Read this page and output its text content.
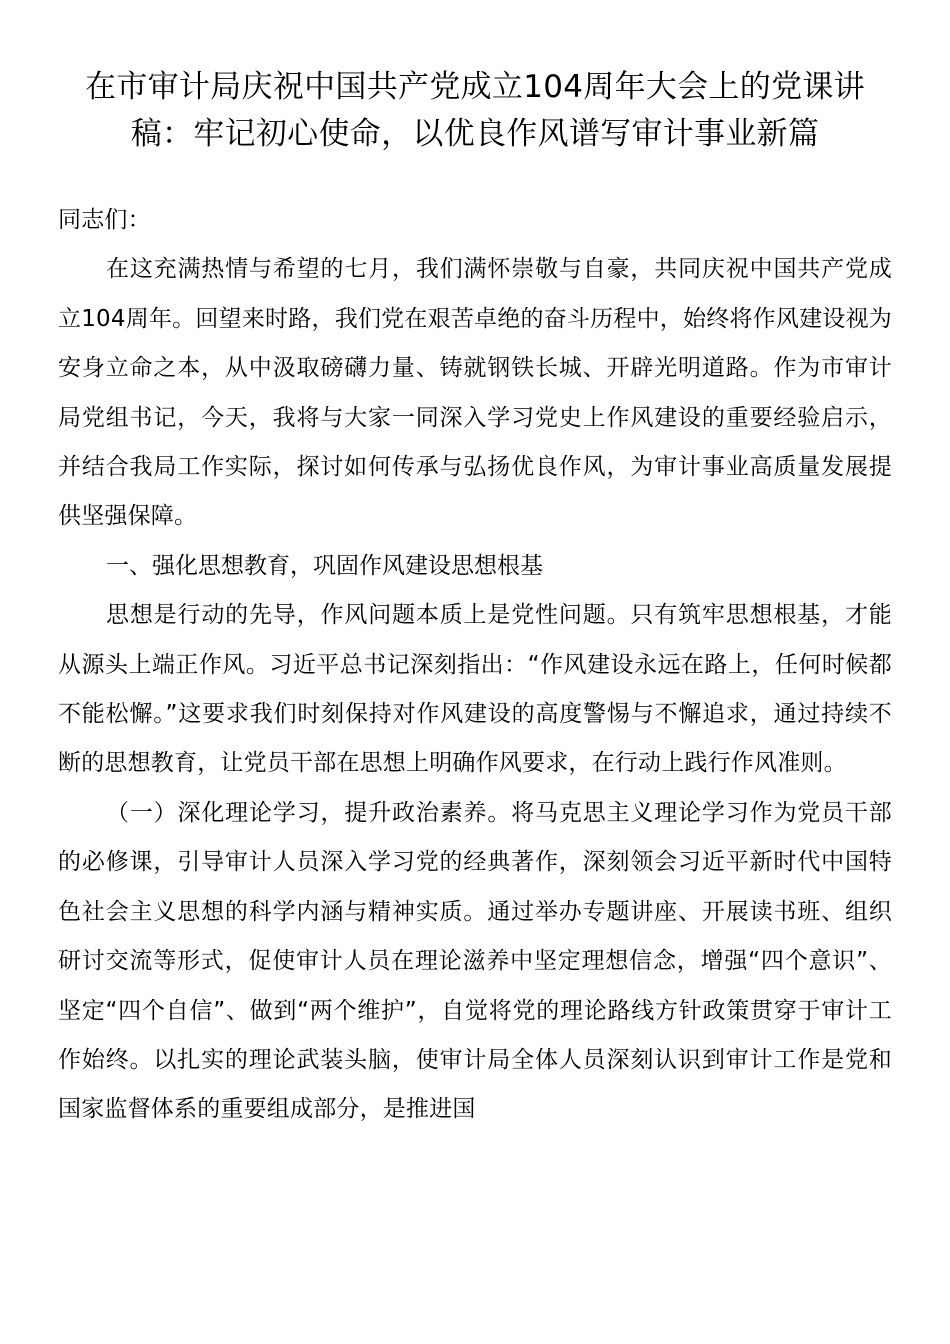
在市审计局庆祝中国共产党成立104周年大会上的党课讲稿：牢记初心使命，以优良作风谱写审计事业新篇

同志们：

在这充满热情与希望的七月，我们满怀崇敬与自豪，共同庆祝中国共产党成立104周年。回望来时路，我们党在艰苦卓绝的奋斗历程中，始终将作风建设视为安身立命之本，从中汲取磅礴力量、铸就钢铁长城、开辟光明道路。作为市审计局党组书记，今天，我将与大家一同深入学习党史上作风建设的重要经验启示，并结合我局工作实际，探讨如何传承与弘扬优良作风，为审计事业高质量发展提供坚强保障。

一、强化思想教育，巩固作风建设思想根基

思想是行动的先导，作风问题本质上是党性问题。只有筑牢思想根基，才能从源头上端正作风。习近平总书记深刻指出：“作风建设永远在路上，任何时候都不能松懈。”这要求我们时刻保持对作风建设的高度警惕与不懈追求，通过持续不断的思想教育，让党员干部在思想上明确作风要求，在行动上践行作风准则。

（一）深化理论学习，提升政治素养。将马克思主义理论学习作为党员干部的必修课，引导审计人员深入学习党的经典著作，深刻领会习近平新时代中国特色社会主义思想的科学内涵与精神实质。通过举办专题讲座、开展读书班、组织研讨交流等形式，促使审计人员在理论滋养中坚定理想信念，增强“四个意识”、坚定“四个自信”、做到“两个维护”，自觉将党的理论路线方针政策贯穿于审计工作始终。以扎实的理论武装头脑，使审计局全体人员深刻认识到审计工作是党和国家监督体系的重要组成部分，是推进国
